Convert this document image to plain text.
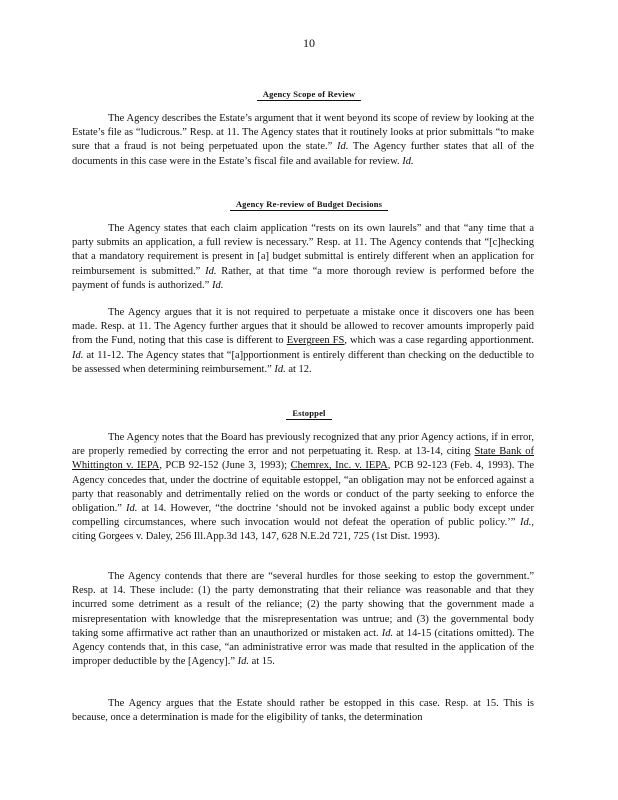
10
Agency Scope of Review
The Agency describes the Estate’s argument that it went beyond its scope of review by looking at the Estate’s file as “ludicrous.” Resp. at 11. The Agency states that it routinely looks at prior submittals “to make sure that a fraud is not being perpetuated upon the state.” Id. The Agency further states that all of the documents in this case were in the Estate’s fiscal file and available for review. Id.
Agency Re-review of Budget Decisions
The Agency states that each claim application “rests on its own laurels” and that “any time that a party submits an application, a full review is necessary.” Resp. at 11. The Agency contends that “[c]hecking that a mandatory requirement is present in [a] budget submittal is entirely different when an application for reimbursement is submitted.” Id. Rather, at that time “a more thorough review is performed before the payment of funds is authorized.” Id.
The Agency argues that it is not required to perpetuate a mistake once it discovers one has been made. Resp. at 11. The Agency further argues that it should be allowed to recover amounts improperly paid from the Fund, noting that this case is different to Evergreen FS, which was a case regarding apportionment. Id. at 11-12. The Agency states that “[a]pportionment is entirely different than checking on the deductible to be assessed when determining reimbursement.” Id. at 12.
Estoppel
The Agency notes that the Board has previously recognized that any prior Agency actions, if in error, are properly remedied by correcting the error and not perpetuating it. Resp. at 13-14, citing State Bank of Whittington v. IEPA, PCB 92-152 (June 3, 1993); Chemrex, Inc. v. IEPA, PCB 92-123 (Feb. 4, 1993). The Agency concedes that, under the doctrine of equitable estoppel, “an obligation may not be enforced against a party that reasonably and detrimentally relied on the words or conduct of the party seeking to enforce the obligation.” Id. at 14. However, “the doctrine ‘should not be invoked against a public body except under compelling circumstances, where such invocation would not defeat the operation of public policy.’” Id., citing Gorgees v. Daley, 256 Ill.App.3d 143, 147, 628 N.E.2d 721, 725 (1st Dist. 1993).
The Agency contends that there are “several hurdles for those seeking to estop the government.” Resp. at 14. These include: (1) the party demonstrating that their reliance was reasonable and that they incurred some detriment as a result of the reliance; (2) the party showing that the government made a misrepresentation with knowledge that the misrepresentation was untrue; and (3) the governmental body taking some affirmative act rather than an unauthorized or mistaken act. Id. at 14-15 (citations omitted). The Agency contends that, in this case, “an administrative error was made that resulted in the application of the improper deductible by the [Agency].” Id. at 15.
The Agency argues that the Estate should rather be estopped in this case. Resp. at 15. This is because, once a determination is made for the eligibility of tanks, the determination
